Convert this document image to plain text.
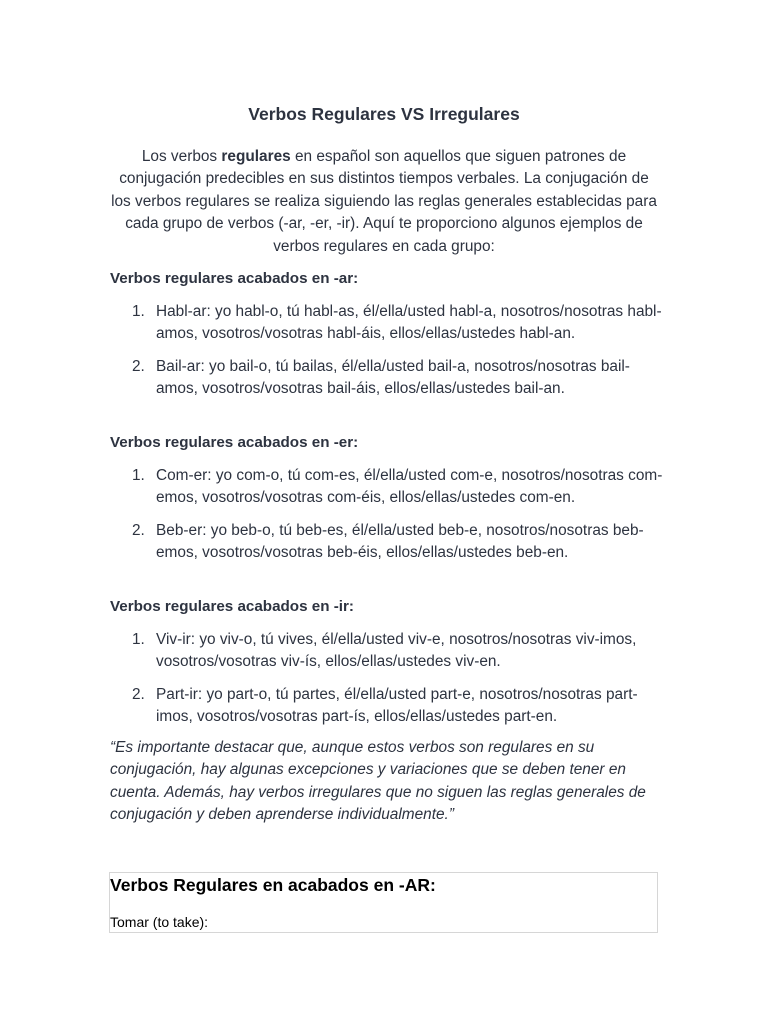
Verbos Regulares VS Irregulares

Los verbos regulares en español son aquellos que siguen patrones de conjugación predecibles en sus distintos tiempos verbales. La conjugación de los verbos regulares se realiza siguiendo las reglas generales establecidas para cada grupo de verbos (-ar, -er, -ir). Aquí te proporciono algunos ejemplos de verbos regulares en cada grupo:

Verbos regulares acabados en -ar:
1. Habl-ar: yo habl-o, tú habl-as, él/ella/usted habl-a, nosotros/nosotras habl-amos, vosotros/vosotras habl-áis, ellos/ellas/ustedes habl-an.
2. Bail-ar: yo bail-o, tú bailas, él/ella/usted bail-a, nosotros/nosotras bail-amos, vosotros/vosotras bail-áis, ellos/ellas/ustedes bail-an.
Verbos regulares acabados en -er:
1. Com-er: yo com-o, tú com-es, él/ella/usted com-e, nosotros/nosotras com-emos, vosotros/vosotras com-éis, ellos/ellas/ustedes com-en.
2. Beb-er: yo beb-o, tú beb-es, él/ella/usted beb-e, nosotros/nosotras beb-emos, vosotros/vosotras beb-éis, ellos/ellas/ustedes beb-en.
Verbos regulares acabados en -ir:
1. Viv-ir: yo viv-o, tú vives, él/ella/usted viv-e, nosotros/nosotras viv-imos, vosotros/vosotras viv-ís, ellos/ellas/ustedes viv-en.
2. Part-ir: yo part-o, tú partes, él/ella/usted part-e, nosotros/nosotras part-imos, vosotros/vosotras part-ís, ellos/ellas/ustedes part-en.

“Es importante destacar que, aunque estos verbos son regulares en su conjugación, hay algunas excepciones y variaciones que se deben tener en cuenta. Además, hay verbos irregulares que no siguen las reglas generales de conjugación y deben aprenderse individualmente.”

Verbos Regulares en acabados en -AR:

Tomar (to take):
